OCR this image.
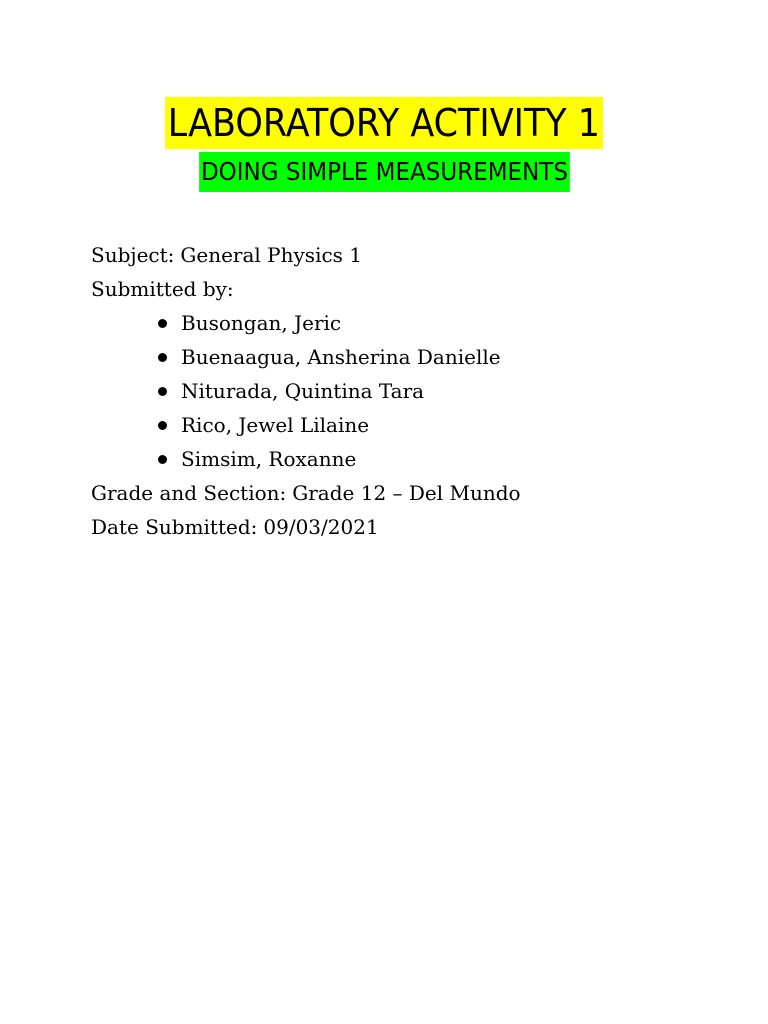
LABORATORY ACTIVITY 1
DOING SIMPLE MEASUREMENTS
Subject: General Physics 1
Submitted by:
Busongan, Jeric
Buenaagua, Ansherina Danielle
Niturada, Quintina Tara
Rico, Jewel Lilaine
Simsim, Roxanne
Grade and Section: Grade 12 – Del Mundo
Date Submitted: 09/03/2021
